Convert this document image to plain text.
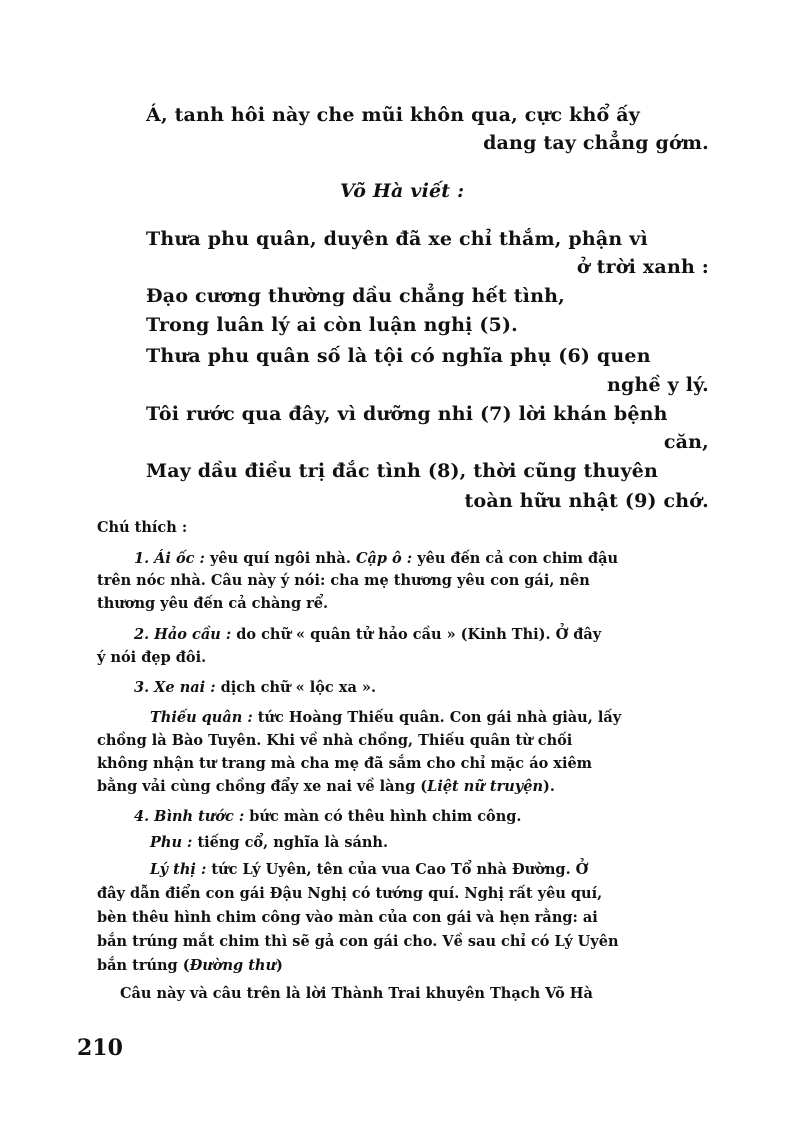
Á, tanh hôi này che mũi khôn qua, cực khổ ấy
dang tay chẳng gớm.
Võ Hà viết :
Thưa phu quân, duyên đã xe chỉ thắm, phận vì
ở trời xanh :
Đạo cương thường dầu chẳng hết tình,
Trong luân lý ai còn luận nghị (5).
Thưa phu quân số là tội có nghĩa phụ (6) quen
nghề y lý.
Tôi rước qua đây, vì dưỡng nhi (7) lời khán bệnh
căn,
May dầu điều trị đắc tình (8), thời cũng thuyên
toàn hữu nhật (9) chớ.
Chú thích :
1. Ái ốc : yêu quí ngôi nhà. Cập ô : yêu đến cả con chim đậu
trên nóc nhà. Câu này ý nói: cha mẹ thương yêu con gái, nên
thương yêu đến cả chàng rể.
2. Hảo cầu : do chữ « quân tử hảo cầu » (Kinh Thi). Ở đây
ý nói đẹp đôi.
3. Xe nai : dịch chữ « lộc xa ».
Thiếu quân : tức Hoàng Thiếu quân. Con gái nhà giàu, lấy
chồng là Bào Tuyên. Khi về nhà chồng, Thiếu quân từ chối
không nhận tư trang mà cha mẹ đã sắm cho chỉ mặc áo xiêm
bằng vải cùng chồng đẩy xe nai về làng (Liệt nữ truyện).
4. Bình tước : bức màn có thêu hình chim công.
Phu : tiếng cổ, nghĩa là sánh.
Lý thị : tức Lý Uyên, tên của vua Cao Tổ nhà Đường. Ở
đây dẫn điển con gái Đậu Nghị có tướng quí. Nghị rất yêu quí,
bèn thêu hình chim công vào màn của con gái và hẹn rằng: ai
bắn trúng mắt chim thì sẽ gả con gái cho. Về sau chỉ có Lý Uyên
bắn trúng (Đường thư)
Câu này và câu trên là lời Thành Trai khuyên Thạch Võ Hà
210
